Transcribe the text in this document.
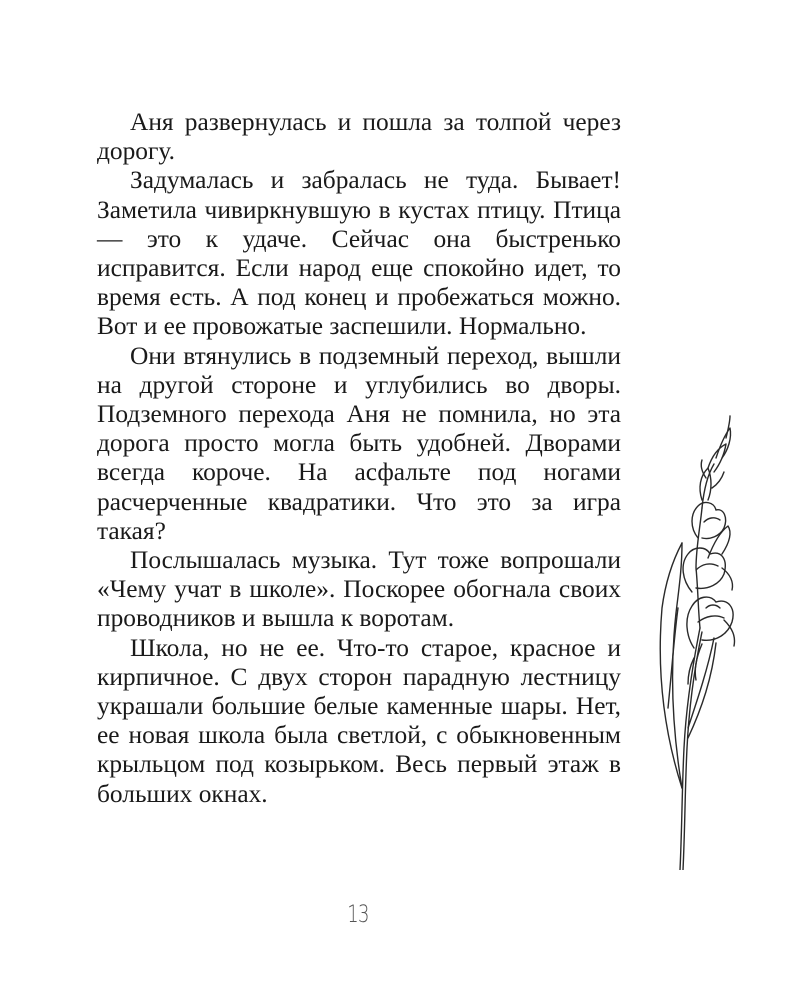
Аня развернулась и пошла за толпой через дорогу.

Задумалась и забралась не туда. Бывает! Заметила чивиркнувшую в кустах птицу. Птица — это к удаче. Сейчас она быстренько исправится. Если народ еще спокойно идет, то время есть. А под конец и пробежаться можно. Вот и ее провожатые заспешили. Нормально.

Они втянулись в подземный переход, вышли на другой стороне и углубились во дворы. Подземного перехода Аня не помнила, но эта дорога просто могла быть удобней. Дворами всегда короче. На асфальте под ногами расчерченные квадратики. Что это за игра такая?

Послышалась музыка. Тут тоже вопрошали «Чему учат в школе». Поскорее обогнала своих проводников и вышла к воротам.

Школа, но не ее. Что-то старое, красное и кирпичное. С двух сторон парадную лестницу украшали большие белые каменные шары. Нет, ее новая школа была светлой, с обыкновенным крыльцом под козырьком. Весь первый этаж в больших окнах.

13
